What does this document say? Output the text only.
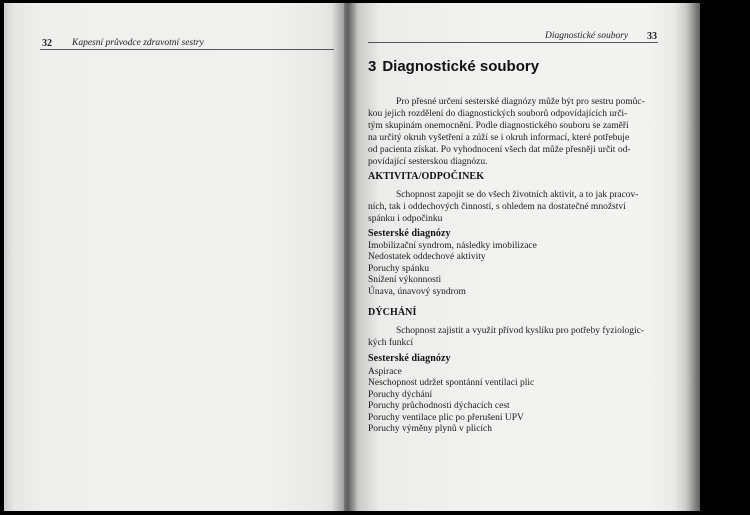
32 Kapesní průvodce zdravotní sestry
Diagnostické soubory 33
3 Diagnostické soubory
Pro přesné určení sesterské diagnózy může být pro sestru pomůc-
kou jejich rozdělení do diagnostických souborů odpovídajících urči-
tým skupinám onemocnění. Podle diagnostického souboru se zaměří
na určitý okruh vyšetření a zúží se i okruh informací, které potřebuje
od pacienta získat. Po vyhodnocení všech dat může přesněji určit od-
povídající sesterskou diagnózu.
AKTIVITA/ODPOČINEK
Schopnost zapojit se do všech životních aktivit, a to jak pracov-
ních, tak i oddechových činností, s ohledem na dostatečné množství
spánku i odpočinku
Sesterské diagnózy
Imobilizační syndrom, následky imobilizace
Nedostatek oddechové aktivity
Poruchy spánku
Snížení výkonnosti
Únava, únavový syndrom
DÝCHÁNÍ
Schopnost zajistit a využít přívod kyslíku pro potřeby fyziologic-
kých funkcí
Sesterské diagnózy
Aspirace
Neschopnost udržet spontánní ventilaci plic
Poruchy dýchání
Poruchy průchodnosti dýchacích cest
Poruchy ventilace plic po přerušení UPV
Poruchy výměny plynů v plicích
